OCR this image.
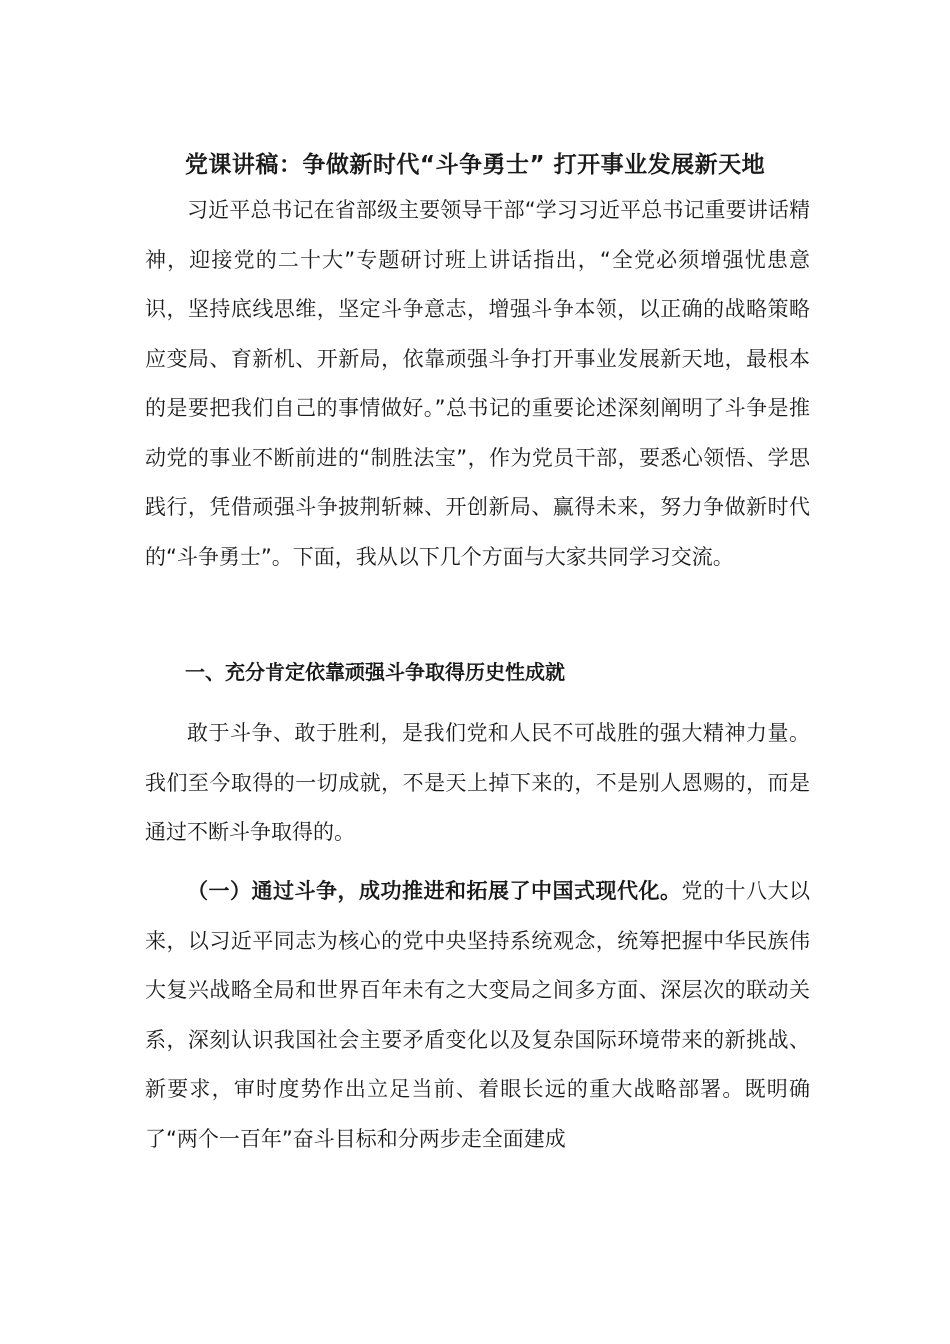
党课讲稿：争做新时代“斗争勇士” 打开事业发展新天地

习近平总书记在省部级主要领导干部“学习习近平总书记重要讲话精神，迎接党的二十大”专题研讨班上讲话指出，“全党必须增强忧患意识，坚持底线思维，坚定斗争意志，增强斗争本领，以正确的战略策略应变局、育新机、开新局，依靠顽强斗争打开事业发展新天地，最根本的是要把我们自己的事情做好。”总书记的重要论述深刻阐明了斗争是推动党的事业不断前进的“制胜法宝”，作为党员干部，要悉心领悟、学思践行，凭借顽强斗争披荆斩棘、开创新局、赢得未来，努力争做新时代的“斗争勇士”。下面，我从以下几个方面与大家共同学习交流。

一、充分肯定依靠顽强斗争取得历史性成就

敢于斗争、敢于胜利，是我们党和人民不可战胜的强大精神力量。我们至今取得的一切成就，不是天上掉下来的，不是别人恩赐的，而是通过不断斗争取得的。

（一）通过斗争，成功推进和拓展了中国式现代化。党的十八大以来，以习近平同志为核心的党中央坚持系统观念，统筹把握中华民族伟大复兴战略全局和世界百年未有之大变局之间多方面、深层次的联动关系，深刻认识我国社会主要矛盾变化以及复杂国际环境带来的新挑战、新要求，审时度势作出立足当前、着眼长远的重大战略部署。既明确了“两个一百年”奋斗目标和分两步走全面建成
